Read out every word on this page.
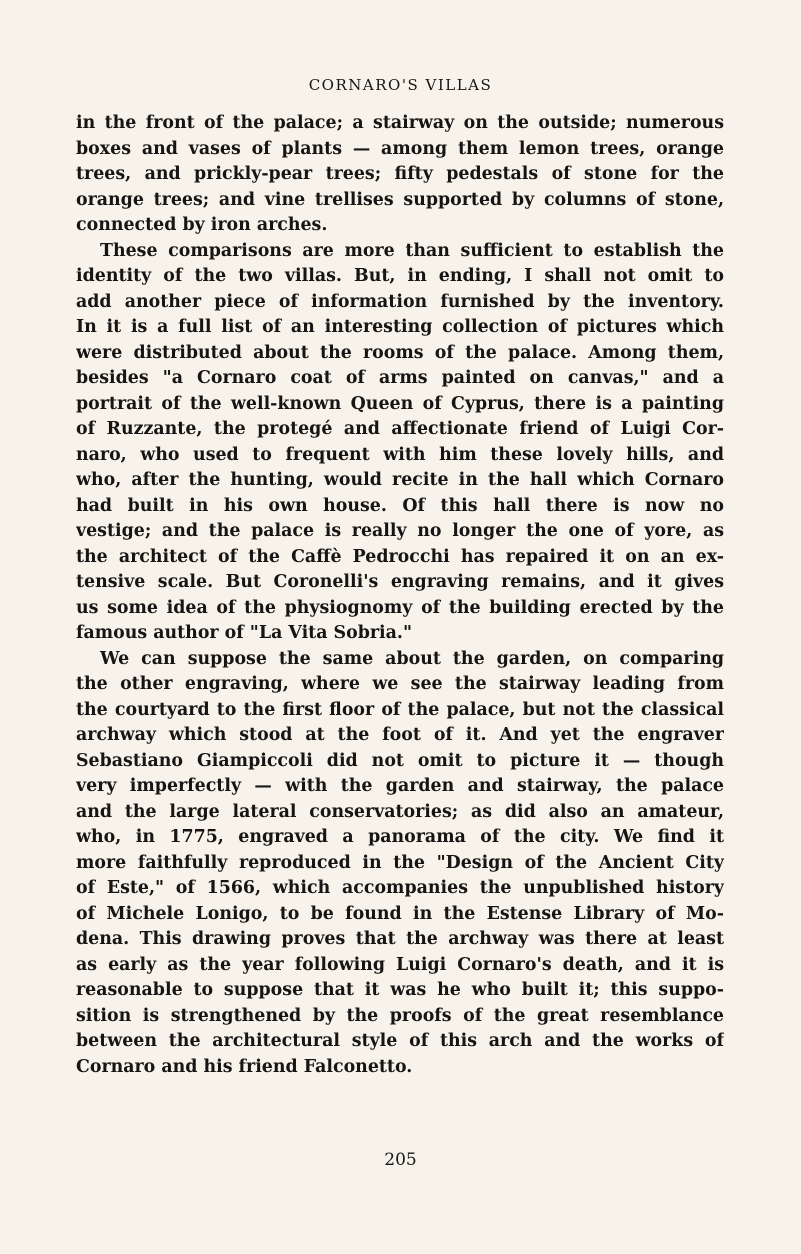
CORNARO'S VILLAS
in the front of the palace; a stairway on the outside; numerous
boxes and vases of plants — among them lemon trees, orange
trees, and prickly-pear trees; fifty pedestals of stone for the
orange trees; and vine trellises supported by columns of stone,
connected by iron arches.
These comparisons are more than sufficient to establish the
identity of the two villas. But, in ending, I shall not omit to
add another piece of information furnished by the inventory.
In it is a full list of an interesting collection of pictures which
were distributed about the rooms of the palace. Among them,
besides "a Cornaro coat of arms painted on canvas," and a
portrait of the well-known Queen of Cyprus, there is a painting
of Ruzzante, the protegé and affectionate friend of Luigi Cor-
naro, who used to frequent with him these lovely hills, and
who, after the hunting, would recite in the hall which Cornaro
had built in his own house. Of this hall there is now no
vestige; and the palace is really no longer the one of yore, as
the architect of the Caffè Pedrocchi has repaired it on an ex-
tensive scale. But Coronelli's engraving remains, and it gives
us some idea of the physiognomy of the building erected by the
famous author of "La Vita Sobria."
We can suppose the same about the garden, on comparing
the other engraving, where we see the stairway leading from
the courtyard to the first floor of the palace, but not the classical
archway which stood at the foot of it. And yet the engraver
Sebastiano Giampiccoli did not omit to picture it — though
very imperfectly — with the garden and stairway, the palace
and the large lateral conservatories; as did also an amateur,
who, in 1775, engraved a panorama of the city. We find it
more faithfully reproduced in the "Design of the Ancient City
of Este," of 1566, which accompanies the unpublished history
of Michele Lonigo, to be found in the Estense Library of Mo-
dena. This drawing proves that the archway was there at least
as early as the year following Luigi Cornaro's death, and it is
reasonable to suppose that it was he who built it; this suppo-
sition is strengthened by the proofs of the great resemblance
between the architectural style of this arch and the works of
Cornaro and his friend Falconetto.
205
